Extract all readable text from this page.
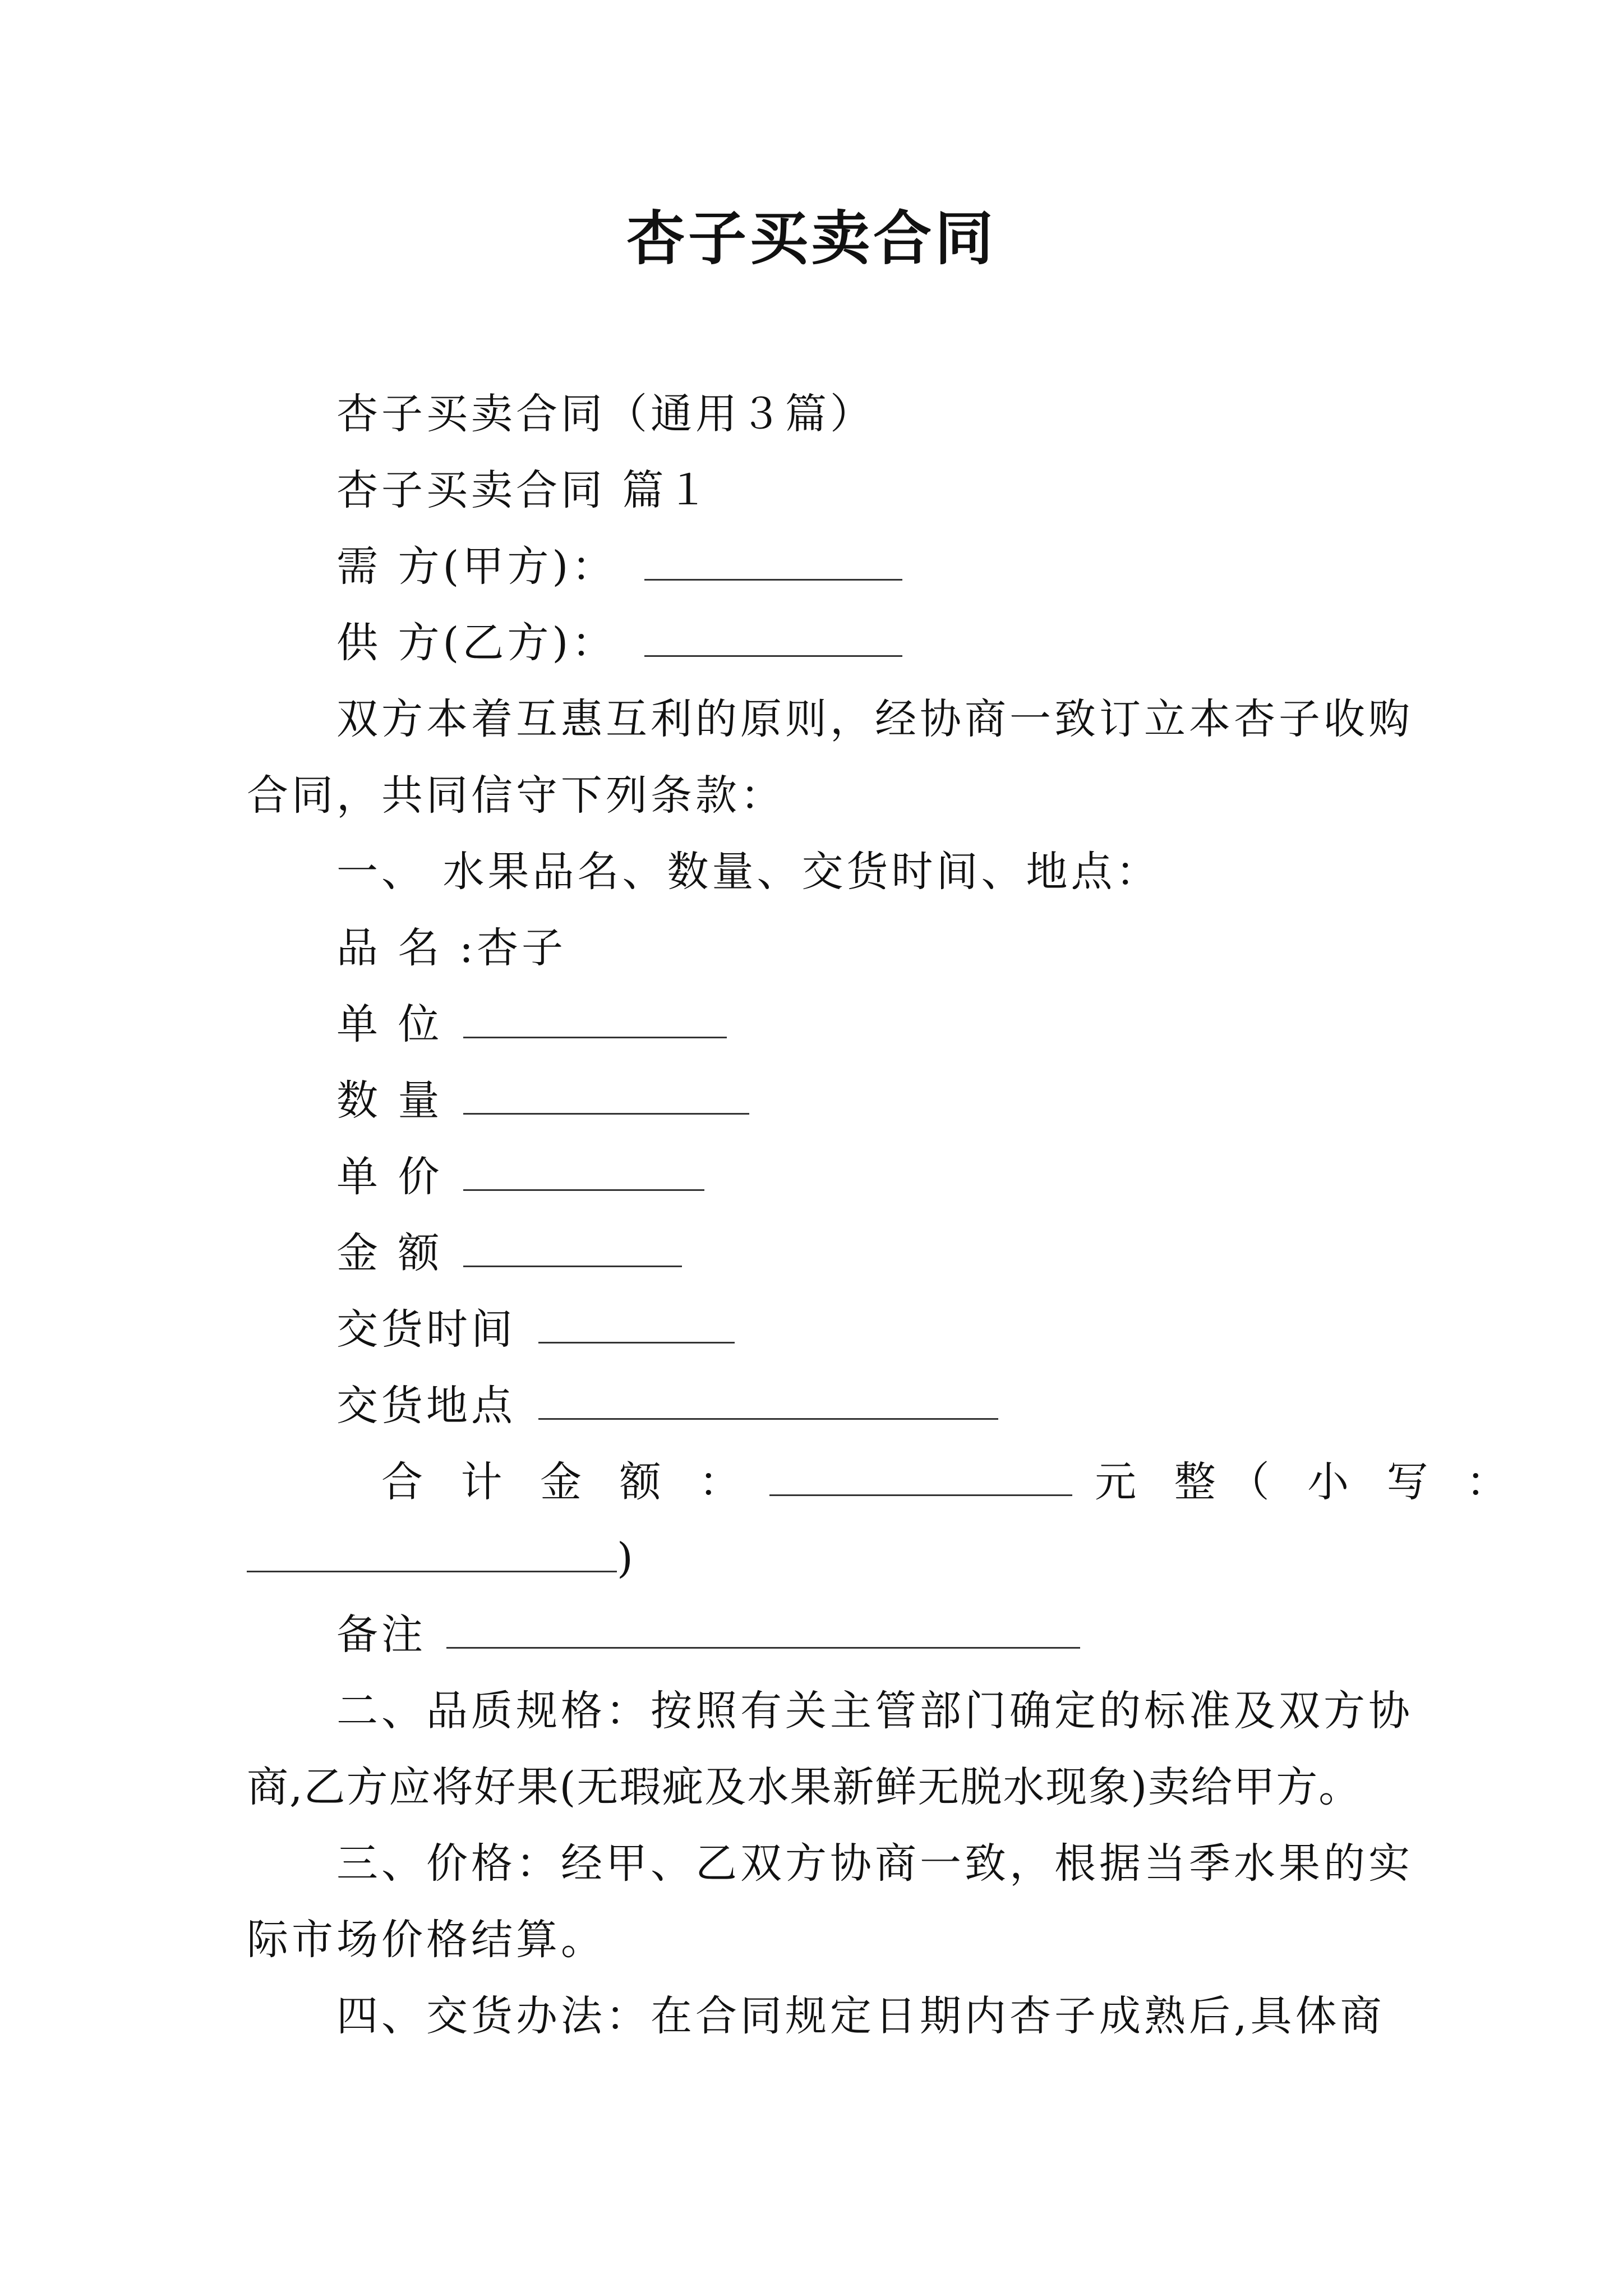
杏子买卖合同
杏子买卖合同（通用３篇）
杏子买卖合同 篇１
需 方(甲方)：
供 方(乙方)：
双方本着互惠互利的原则，经协商一致订立本杏子收购
合同，共同信守下列条款：
一、 水果品名、数量、交货时间、地点：
品 名 :杏子
单 位
数 量
单 价
金 额
交货时间
交货地点
合 计 金 额 ：	元 整（ 小 写 ：
)
备注
二、品质规格：按照有关主管部门确定的标准及双方协
商,乙方应将好果(无瑕疵及水果新鲜无脱水现象)卖给甲方。
三、价格：经甲、乙双方协商一致，根据当季水果的实
际市场价格结算。
四、交货办法：在合同规定日期内杏子成熟后,具体商
